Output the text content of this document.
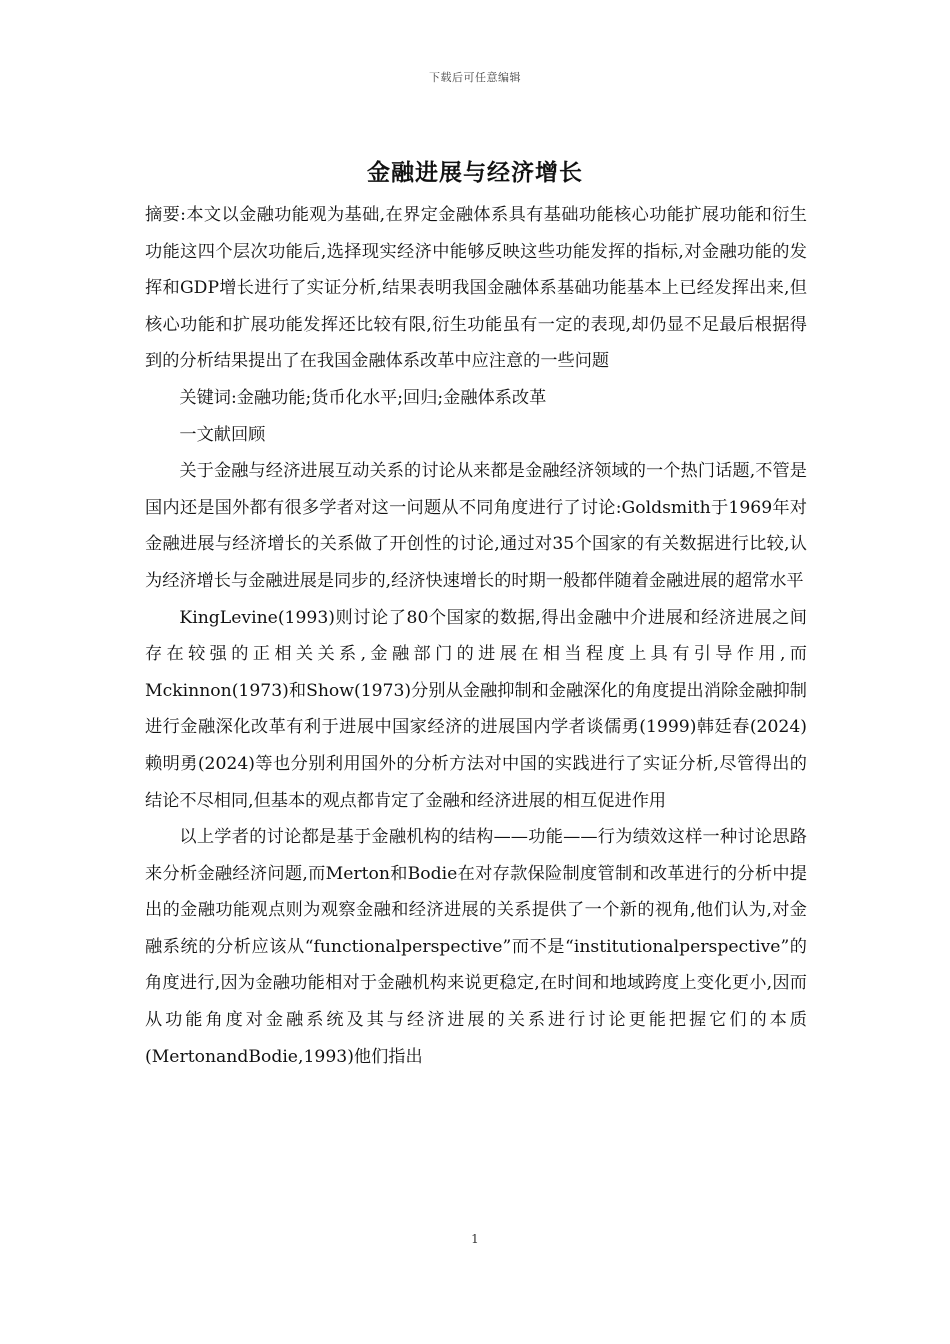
下载后可任意编辑
金融进展与经济增长

摘要:本文以金融功能观为基础,在界定金融体系具有基础功能核心功能扩展功能和衍生功能这四个层次功能后,选择现实经济中能够反映这些功能发挥的指标,对金融功能的发挥和GDP增长进行了实证分析,结果表明我国金融体系基础功能基本上已经发挥出来,但核心功能和扩展功能发挥还比较有限,衍生功能虽有一定的表现,却仍显不足最后根据得到的分析结果提出了在我国金融体系改革中应注意的一些问题

关键词:金融功能;货币化水平;回归;金融体系改革

一文献回顾

关于金融与经济进展互动关系的讨论从来都是金融经济领域的一个热门话题,不管是国内还是国外都有很多学者对这一问题从不同角度进行了讨论:Goldsmith于1969年对金融进展与经济增长的关系做了开创性的讨论,通过对35个国家的有关数据进行比较,认为经济增长与金融进展是同步的,经济快速增长的时期一般都伴随着金融进展的超常水平

KingLevine(1993)则讨论了80个国家的数据,得出金融中介进展和经济进展之间存在较强的正相关关系,金融部门的进展在相当程度上具有引导作用,而Mckinnon(1973)和Show(1973)分别从金融抑制和金融深化的角度提出消除金融抑制进行金融深化改革有利于进展中国家经济的进展国内学者谈儒勇(1999)韩廷春(2024)赖明勇(2024)等也分别利用国外的分析方法对中国的实践进行了实证分析,尽管得出的结论不尽相同,但基本的观点都肯定了金融和经济进展的相互促进作用

以上学者的讨论都是基于金融机构的结构——功能——行为绩效这样一种讨论思路来分析金融经济问题,而Merton和Bodie在对存款保险制度管制和改革进行的分析中提出的金融功能观点则为观察金融和经济进展的关系提供了一个新的视角,他们认为,对金融系统的分析应该从“functionalperspective”而不是“institutionalperspective”的角度进行,因为金融功能相对于金融机构来说更稳定,在时间和地域跨度上变化更小,因而从功能角度对金融系统及其与经济进展的关系进行讨论更能把握它们的本质(MertonandBodie,1993)他们指出

1
